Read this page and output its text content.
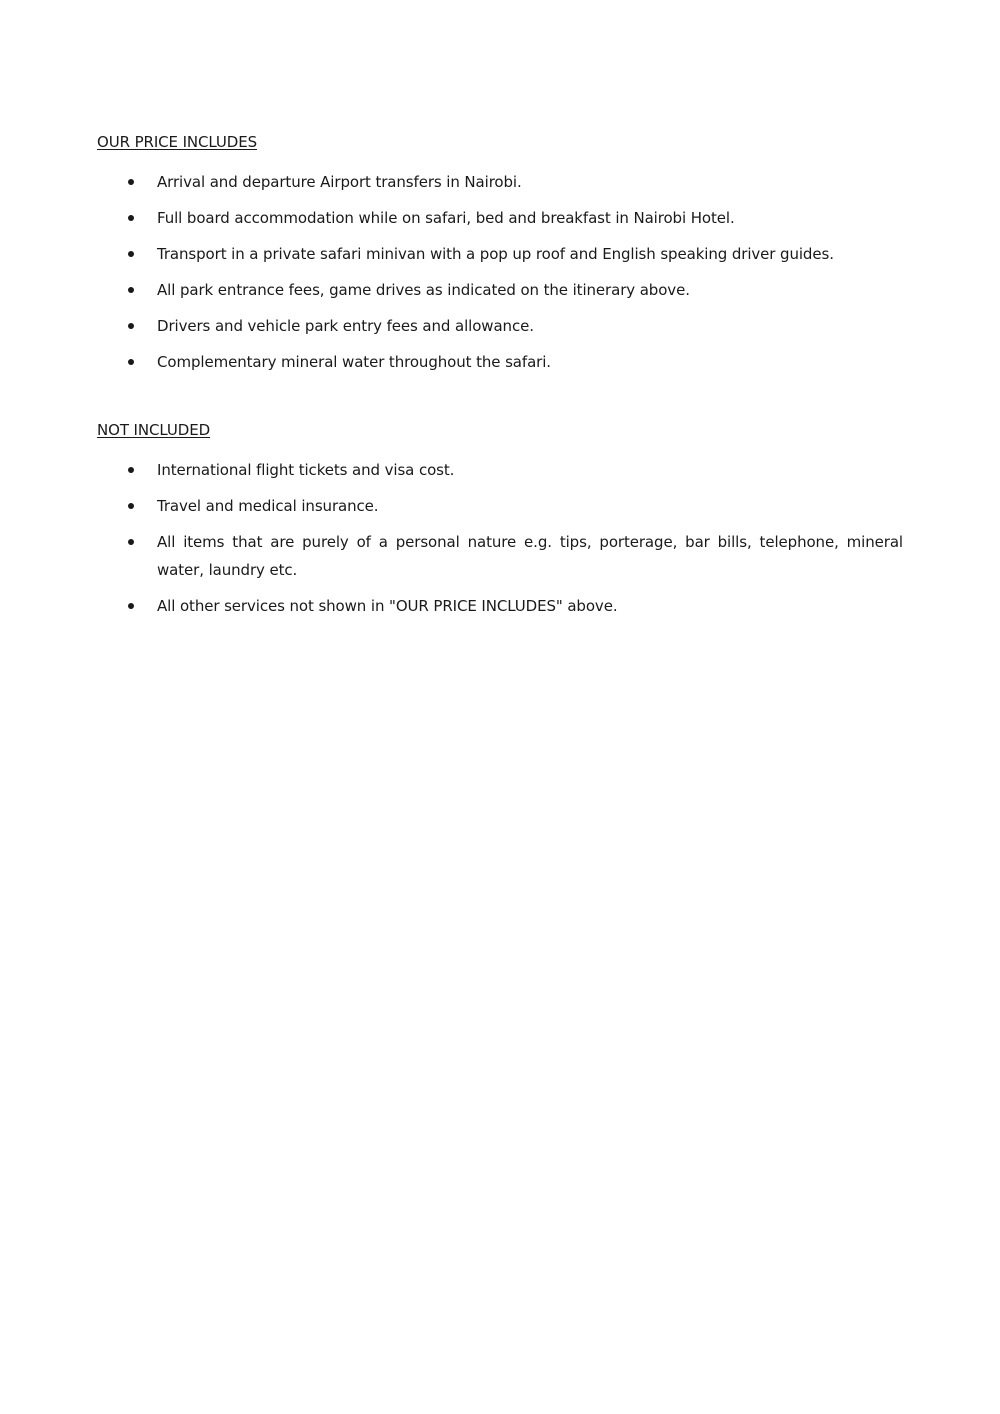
OUR PRICE INCLUDES
Arrival and departure Airport transfers in Nairobi.
Full board accommodation while on safari, bed and breakfast in Nairobi Hotel.
Transport in a private safari minivan with a pop up roof and English speaking driver guides.
All park entrance fees, game drives as indicated on the itinerary above.
Drivers and vehicle park entry fees and allowance.
Complementary mineral water throughout the safari.
NOT INCLUDED
International flight tickets and visa cost.
Travel and medical insurance.
All items that are purely of a personal nature e.g. tips, porterage, bar bills, telephone, mineral water, laundry etc.
All other services not shown in "OUR PRICE INCLUDES" above.
